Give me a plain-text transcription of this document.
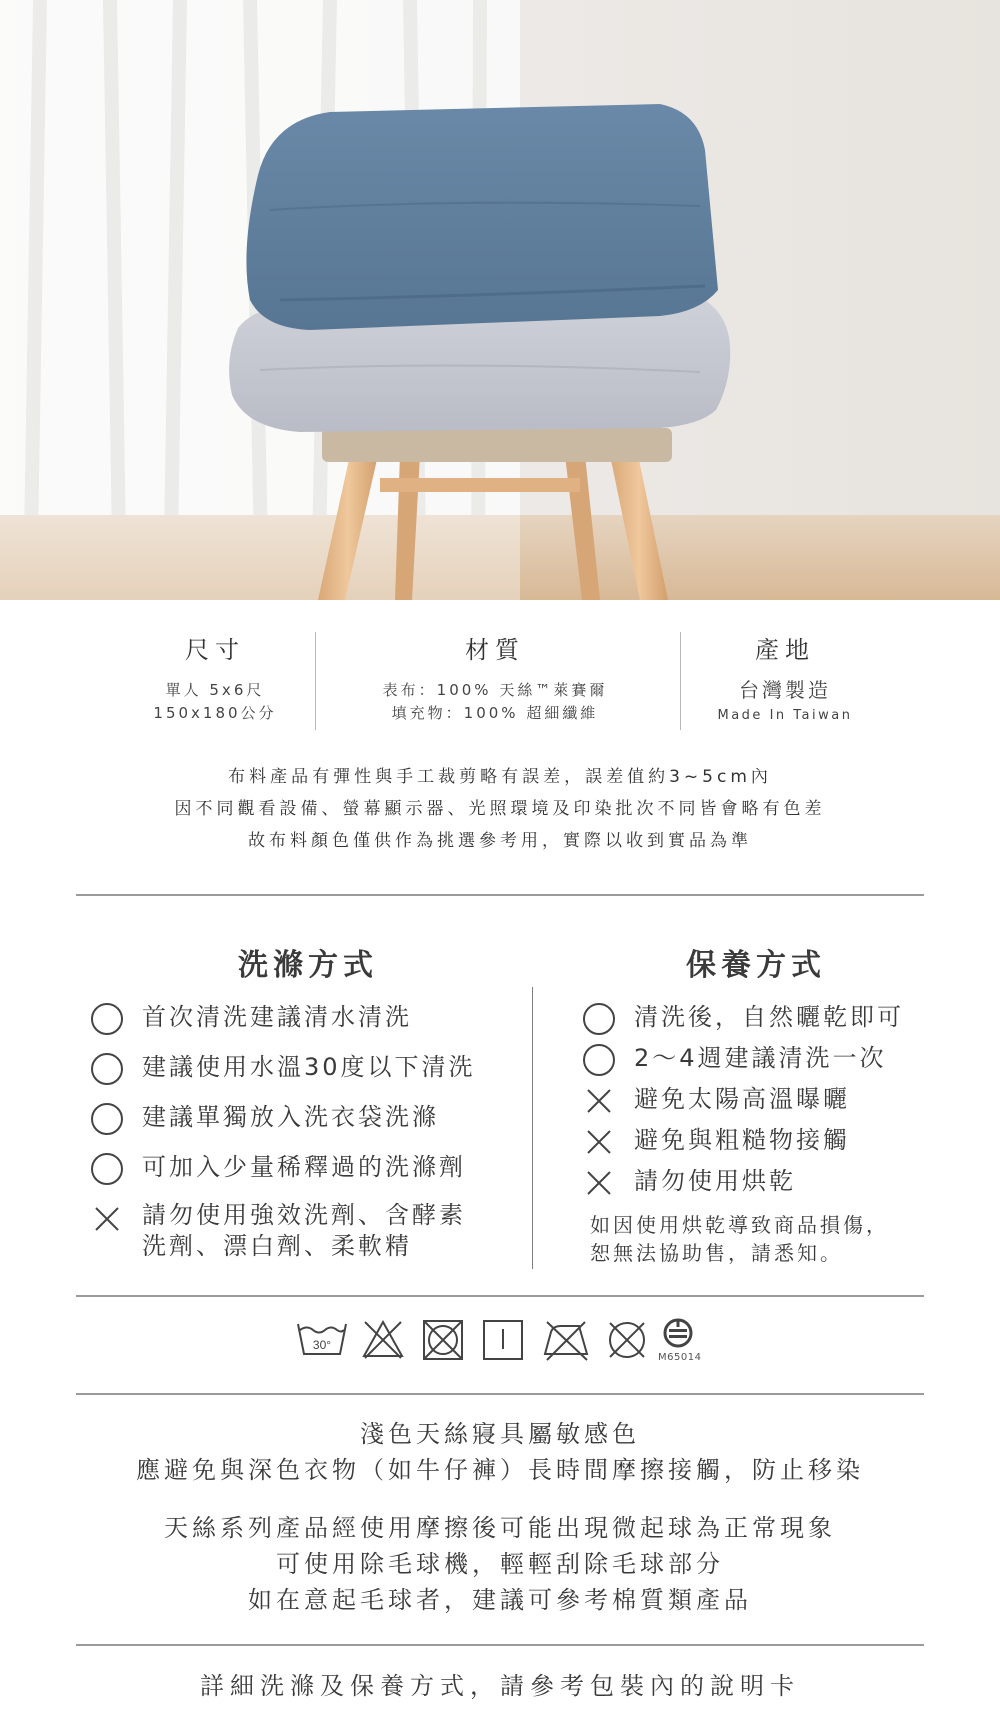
尺寸
單人 5x6尺
150x180公分
材質
表布：100% 天絲™萊賽爾
填充物：100% 超細纖維
產地
台灣製造
Made In Taiwan
布料產品有彈性與手工裁剪略有誤差，誤差值約3~5cm內
因不同觀看設備、螢幕顯示器、光照環境及印染批次不同皆會略有色差
故布料顏色僅供作為挑選參考用，實際以收到實品為準
洗滌方式	保養方式
首次清洗建議清水清洗
建議使用水溫30度以下清洗
建議單獨放入洗衣袋洗滌
可加入少量稀釋過的洗滌劑
請勿使用強效洗劑、含酵素
洗劑、漂白劑、柔軟精
清洗後，自然曬乾即可
2～4週建議清洗一次
避免太陽高溫曝曬
避免與粗糙物接觸
請勿使用烘乾
如因使用烘乾導致商品損傷，
恕無法協助售，請悉知。
30°
M65014
淺色天絲寢具屬敏感色
應避免與深色衣物（如牛仔褲）長時間摩擦接觸，防止移染
天絲系列產品經使用摩擦後可能出現微起球為正常現象
可使用除毛球機，輕輕刮除毛球部分
如在意起毛球者，建議可參考棉質類產品
詳細洗滌及保養方式，請參考包裝內的說明卡
